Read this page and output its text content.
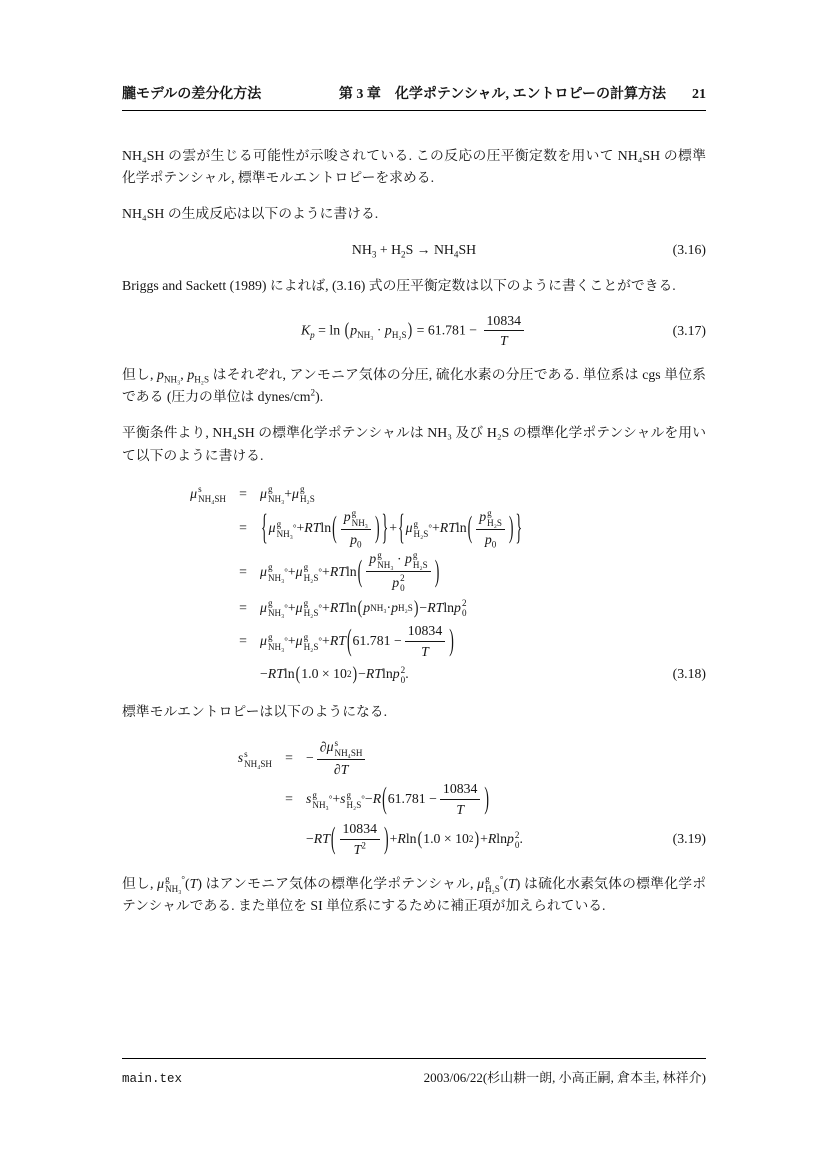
朧モデルの差分化方法	第 3 章　化学ポテンシャル, エントロピーの計算方法 21

NH₄SH の雲が生じる可能性が示唆されている. この反応の圧平衡定数を用いて NH₄SH の標準化学ポテンシャル, 標準モルエントロピーを求める.

NH₄SH の生成反応は以下のように書ける.

$NH_3 + H_2S \to NH_4SH$	(3.16)

Briggs and Sackett (1989) によれば, (3.16) 式の圧平衡定数は以下のように書くことができる.

$K_p = \ln (p_{NH_3} \cdot p_{H_2S}) = 61.781 - \frac{10834}{T}$	(3.17)

但し, $p_{NH_3}$, $p_{H_2S}$ はそれぞれ, アンモニア気体の分圧, 硫化水素の分圧である. 単位系は cgs 単位系である (圧力の単位は dynes/$cm^2$).

平衡条件より, NH₄SH の標準化学ポテンシャルは NH₃ 及び H₂S の標準化学ポテンシャルを用いて以下のように書ける.

μ s
NH₄SH = μ g
NH₃ + μ g
H₂S
=	{ μ g
NH₃
° + RT ln ( p g
NH₃
$p_0$ ) } + { μ g
H₂S
° + RT ln ( p g
H₂S
$p_0$ ) }
= μ g
NH₃
° + μ g
H₂S
° + RT ln ( p g
NH₃ · p g
H₂S
p 2
0 )
= μ g
NH₃
° + μ g
H₂S
° + RT ln ( p NH₃ · p H₂S ) − RT ln p 2
0
= μ g
NH₃
° + μ g
H₂S
° + RT ( $61.781 - \frac{10834}{T}$ )
− RT ln ( 1.0 × 10 2 ) − RT ln p 2
0 .	(3.18)

標準モルエントロピーは以下のようになる.

s s
NH₄SH = − ∂μ s
NH₄SH
∂T
= s g
NH₃
° + s g
H₂S
° − R ( $61.781 - \frac{10834}{T}$ )
− RT ( $\frac{10834}{T^2}$ ) + R ln ( 1.0 × 10 2 ) + R ln p 2
0 .	(3.19)

但し, μ g
NH₃
°(T) はアンモニア気体の標準化学ポテンシャル, μ g
H₂S
°(T) は硫化水素気体の標準化学ポテンシャルである. また単位を SI 単位系にするために補正項が加えられている.

main.tex	2003/06/22(杉山耕一朗, 小高正嗣, 倉本圭, 林祥介)
